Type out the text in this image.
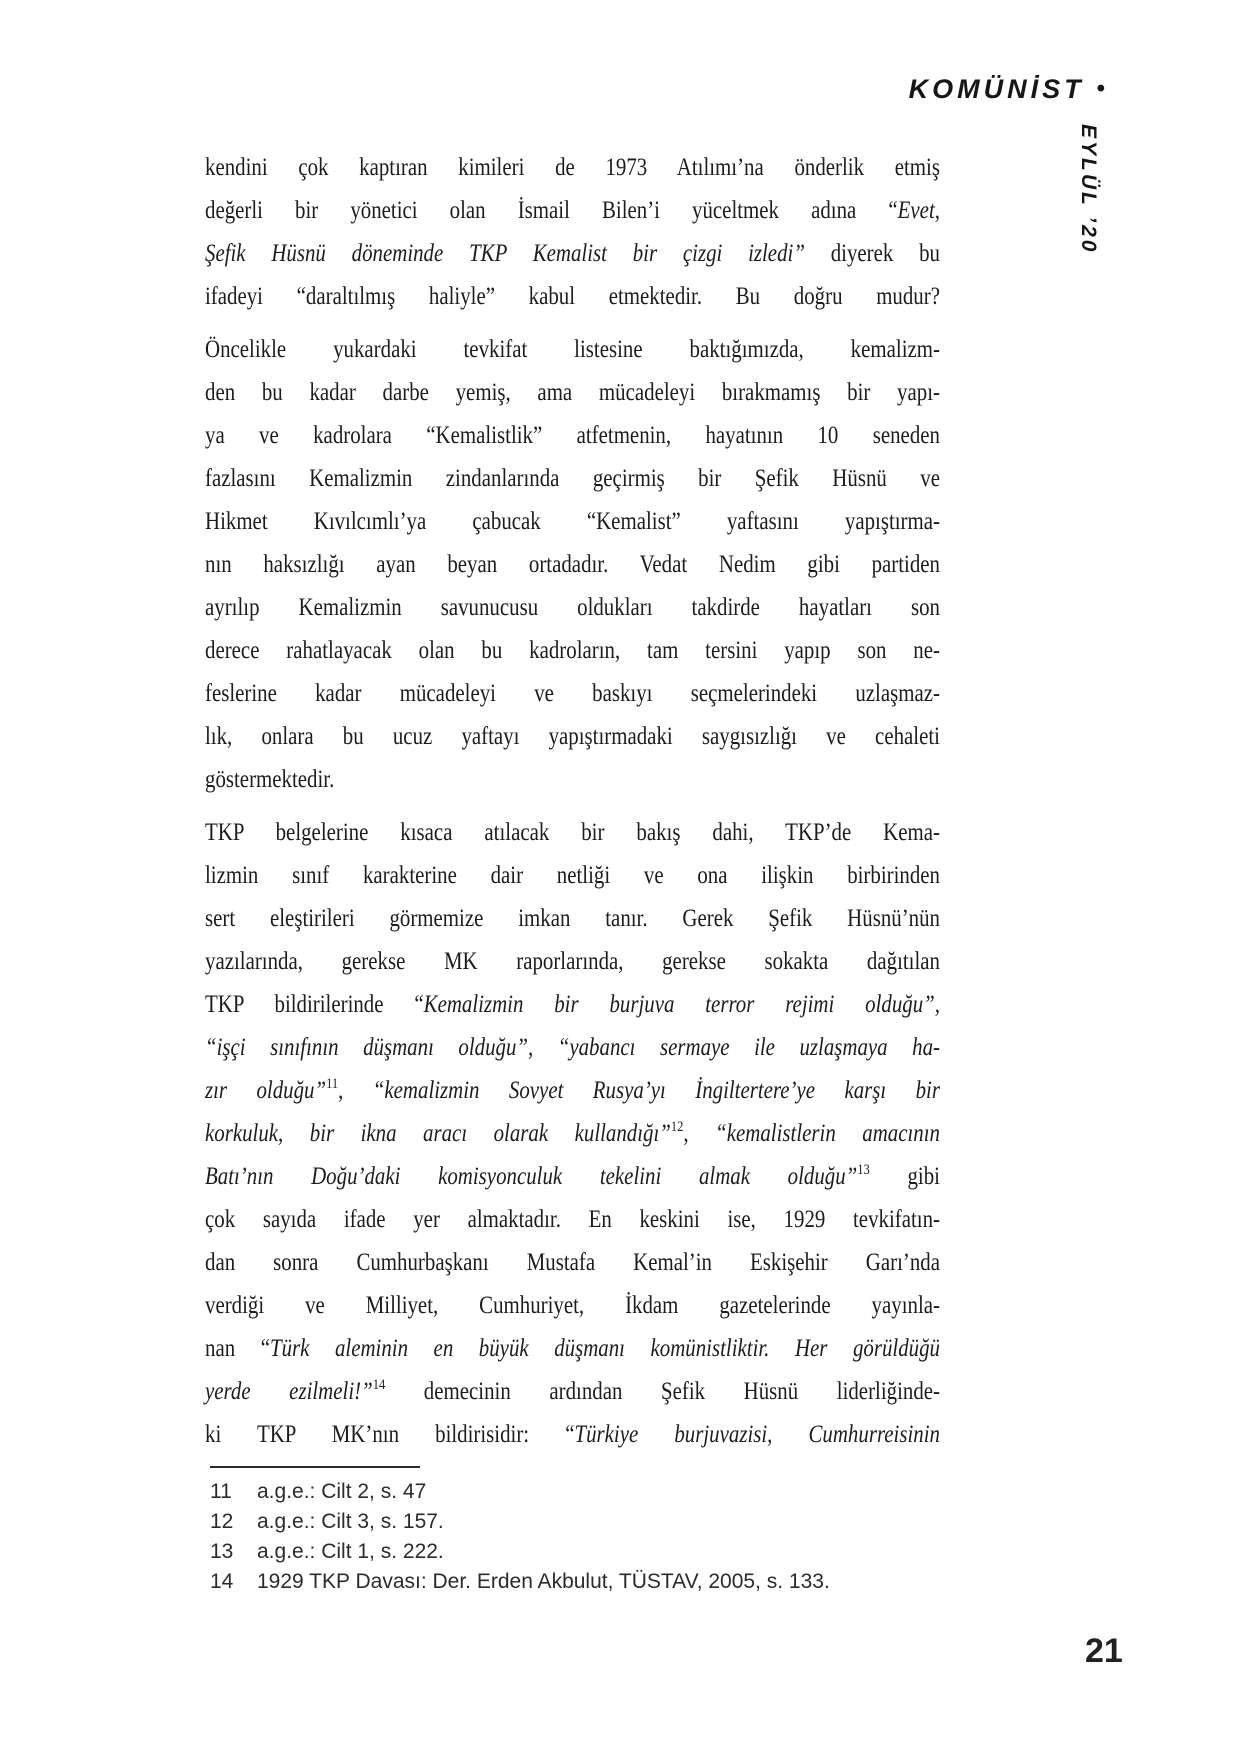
KOMÜNİST •
EYLÜL ’20
kendini çok kaptıran kimileri de 1973 Atılımı’na önderlik etmiş
değerli bir yönetici olan İsmail Bilen’i yüceltmek adına “Evet,
Şefik Hüsnü döneminde TKP Kemalist bir çizgi izledi” diyerek bu
ifadeyi “daraltılmış haliyle” kabul etmektedir. Bu doğru mudur?
Öncelikle yukardaki tevkifat listesine baktığımızda, kemalizm-
den bu kadar darbe yemiş, ama mücadeleyi bırakmamış bir yapı-
ya ve kadrolara “Kemalistlik” atfetmenin, hayatının 10 seneden
fazlasını Kemalizmin zindanlarında geçirmiş bir Şefik Hüsnü ve
Hikmet Kıvılcımlı’ya çabucak “Kemalist” yaftasını yapıştırma-
nın haksızlığı ayan beyan ortadadır. Vedat Nedim gibi partiden
ayrılıp Kemalizmin savunucusu oldukları takdirde hayatları son
derece rahatlayacak olan bu kadroların, tam tersini yapıp son ne-
feslerine kadar mücadeleyi ve baskıyı seçmelerindeki uzlaşmaz-
lık, onlara bu ucuz yaftayı yapıştırmadaki saygısızlığı ve cehaleti
göstermektedir.
TKP belgelerine kısaca atılacak bir bakış dahi, TKP’de Kema-
lizmin sınıf karakterine dair netliği ve ona ilişkin birbirinden
sert eleştirileri görmemize imkan tanır. Gerek Şefik Hüsnü’nün
yazılarında, gerekse MK raporlarında, gerekse sokakta dağıtılan
TKP bildirilerinde “Kemalizmin bir burjuva terror rejimi olduğu”,
“işçi sınıfının düşmanı olduğu”, “yabancı sermaye ile uzlaşmaya ha-
zır olduğu”$^{11}$, “kemalizmin Sovyet Rusya’yı İngiltertere’ye karşı bir
korkuluk, bir ikna aracı olarak kullandığı”$^{12}$, “kemalistlerin amacının
Batı’nın Doğu’daki komisyonculuk tekelini almak olduğu”$^{13}$ gibi
çok sayıda ifade yer almaktadır. En keskini ise, 1929 tevkifatın-
dan sonra Cumhurbaşkanı Mustafa Kemal’in Eskişehir Garı’nda
verdiği ve Milliyet, Cumhuriyet, İkdam gazetelerinde yayınla-
nan “Türk aleminin en büyük düşmanı komünistliktir. Her görüldüğü
yerde ezilmeli!”$^{14}$ demecinin ardından Şefik Hüsnü liderliğinde-
ki TKP MK’nın bildirisidir: “Türkiye burjuvazisi, Cumhurreisinin
11	a.g.e.: Cilt 2, s. 47
12	a.g.e.: Cilt 3, s. 157.
13	a.g.e.: Cilt 1, s. 222.
14	1929 TKP Davası: Der. Erden Akbulut, TÜSTAV, 2005, s. 133.
21
